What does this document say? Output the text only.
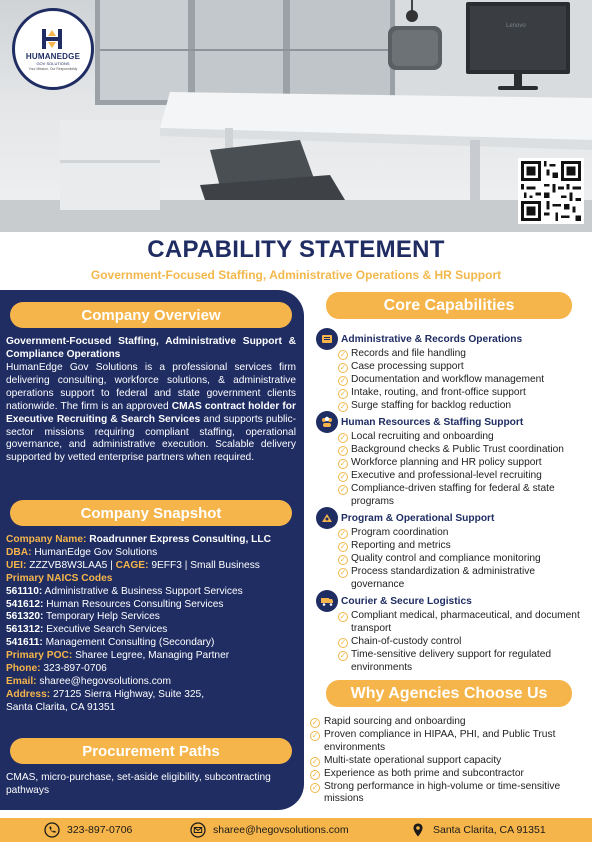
Lenovo
HUMANEDGE
GOV SOLUTIONS
Your Mission, Our Responsibility
CAPABILITY STATEMENT
Government-Focused Staffing, Administrative Operations & HR Support
Company Overview
Government-Focused Staffing, Administrative Support & Compliance Operations
HumanEdge Gov Solutions is a professional services firm delivering consulting, workforce solutions, & administrative operations support to federal and state government clients nationwide. The firm is an approved CMAS contract holder for Executive Recruiting & Search Services and supports public-sector missions requiring compliant staffing, operational governance, and administrative execution. Scalable delivery supported by vetted enterprise partners when required.
Company Snapshot
Company Name: Roadrunner Express Consulting, LLC
DBA: HumanEdge Gov Solutions
UEI: ZZZVB8W3LAA5 | CAGE: 9EFF3 | Small Business
Primary NAICS Codes
561110: Administrative & Business Support Services
541612: Human Resources Consulting Services
561320: Temporary Help Services
561312: Executive Search Services
541611: Management Consulting (Secondary)
Primary POC: Sharee Legree, Managing Partner
Phone: 323-897-0706
Email: sharee@hegovsolutions.com
Address: 27125 Sierra Highway, Suite 325,
Santa Clarita, CA 91351
Procurement Paths
CMAS, micro-purchase, set-aside eligibility, subcontracting pathways
Core Capabilities
Administrative & Records Operations
✓ Records and file handling
✓ Case processing support
✓ Documentation and workflow management
✓ Intake, routing, and front-office support
✓ Surge staffing for backlog reduction
Human Resources & Staffing Support
✓ Local recruiting and onboarding
✓ Background checks & Public Trust coordination
✓ Workforce planning and HR policy support
✓ Executive and professional-level recruiting
✓ Compliance-driven staffing for federal & state programs
Program & Operational Support
✓ Program coordination
✓ Reporting and metrics
✓ Quality control and compliance monitoring
✓ Process standardization & administrative governance
Courier & Secure Logistics
✓ Compliant medical, pharmaceutical, and document transport
✓ Chain-of-custody control
✓ Time-sensitive delivery support for regulated environments
Why Agencies Choose Us
✓ Rapid sourcing and onboarding
✓ Proven compliance in HIPAA, PHI, and Public Trust environments
✓ Multi-state operational support capacity
✓ Experience as both prime and subcontractor
✓ Strong performance in high-volume or time-sensitive missions
323-897-0706	sharee@hegovsolutions.com	Santa Clarita, CA 91351
